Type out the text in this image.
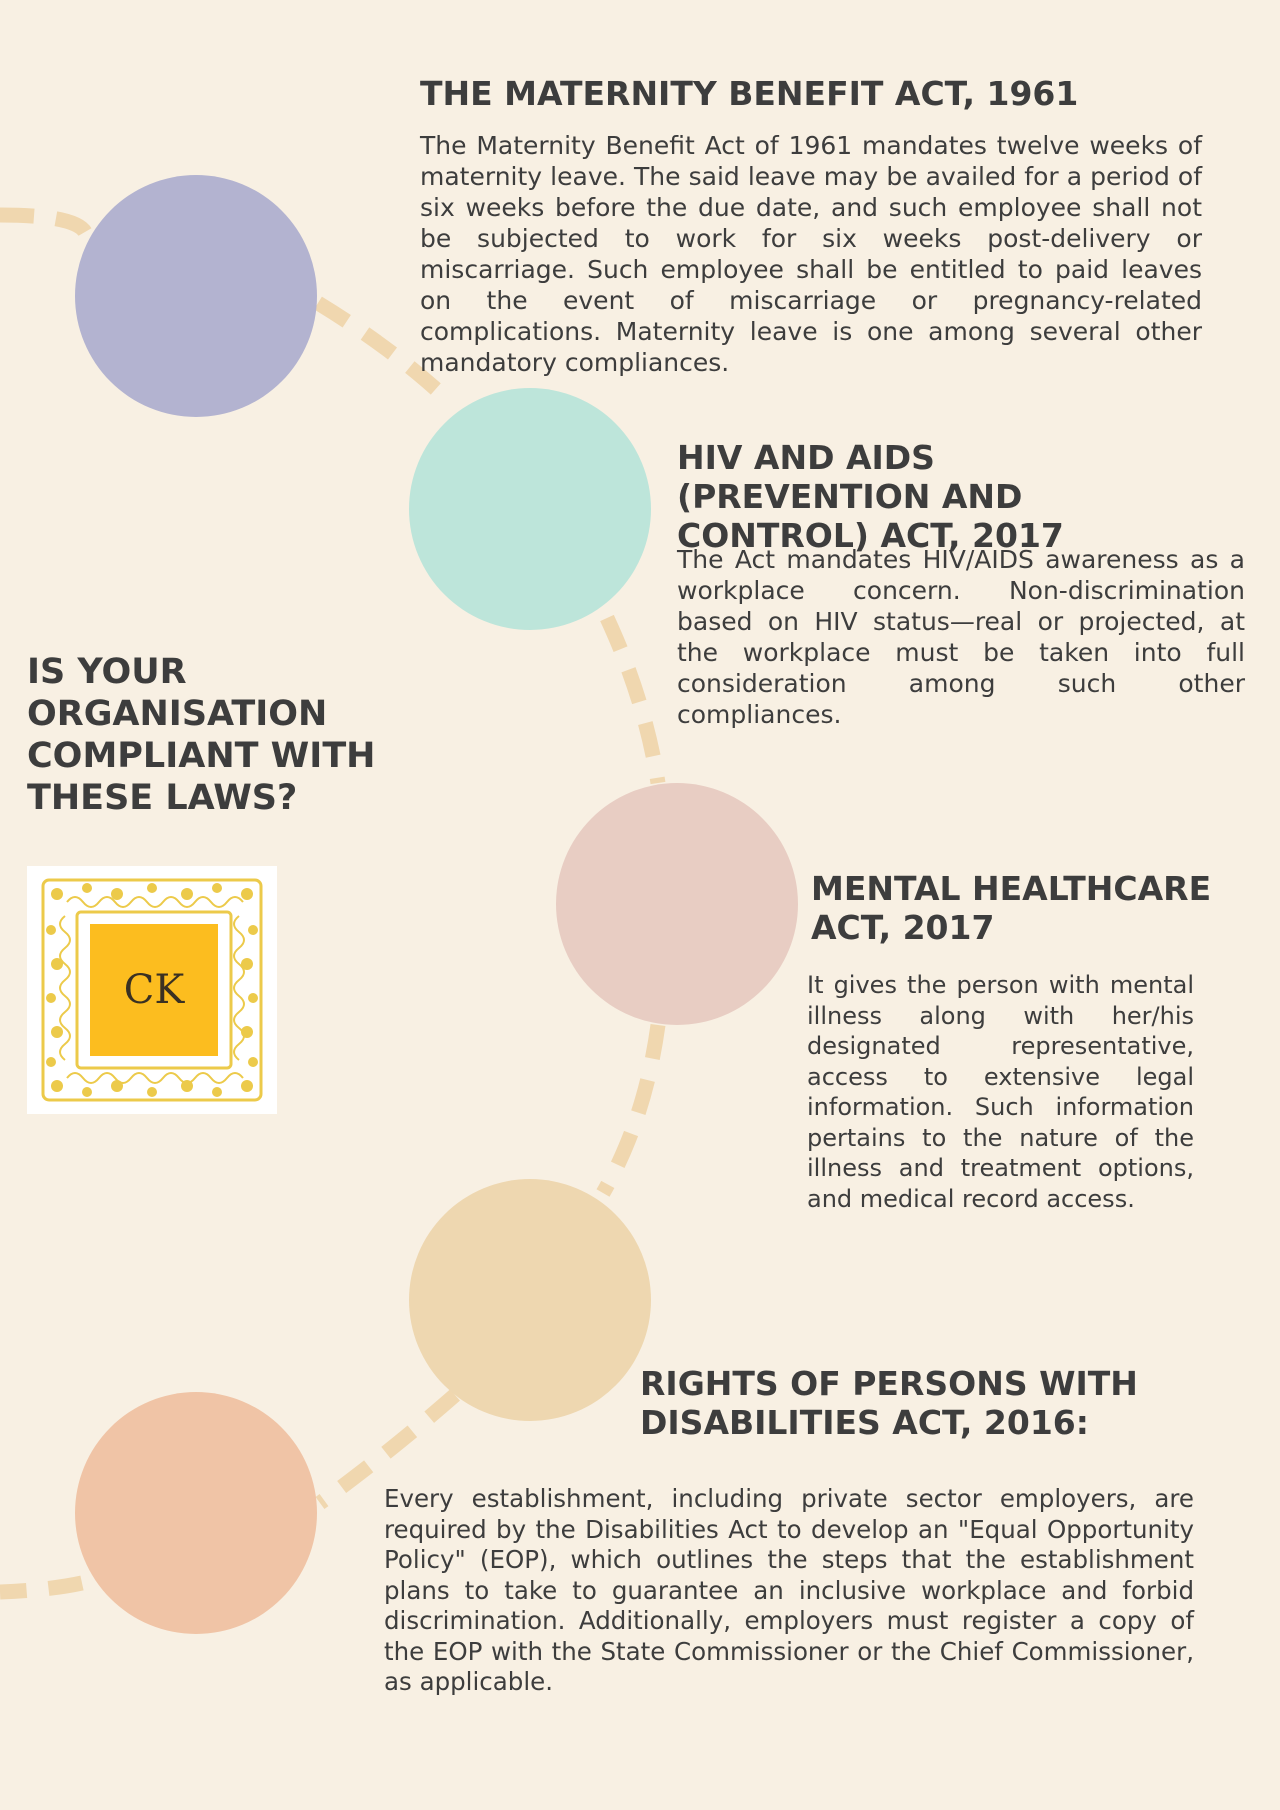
THE MATERNITY BENEFIT ACT, 1961

The Maternity Benefit Act of 1961 mandates twelve weeks of maternity leave. The said leave may be availed for a period of six weeks before the due date, and such employee shall not be subjected to work for six weeks post-delivery or miscarriage. Such employee shall be entitled to paid leaves on the event of miscarriage or pregnancy-related complications. Maternity leave is one among several other mandatory compliances.

HIV AND AIDS (PREVENTION AND CONTROL) ACT, 2017

The Act mandates HIV/AIDS awareness as a workplace concern. Non-discrimination based on HIV status—real or projected, at the workplace must be taken into full consideration among such other compliances.

IS YOUR
ORGANISATION
COMPLIANT WITH
THESE LAWS?

CK
MENTAL HEALTHCARE ACT, 2017

It gives the person with mental illness along with her/his designated representative, access to extensive legal information. Such information pertains to the nature of the illness and treatment options, and medical record access.

RIGHTS OF PERSONS WITH DISABILITIES ACT, 2016:

Every establishment, including private sector employers, are required by the Disabilities Act to develop an "Equal Opportunity Policy" (EOP), which outlines the steps that the establishment plans to take to guarantee an inclusive workplace and forbid discrimination. Additionally, employers must register a copy of the EOP with the State Commissioner or the Chief Commissioner, as applicable.
